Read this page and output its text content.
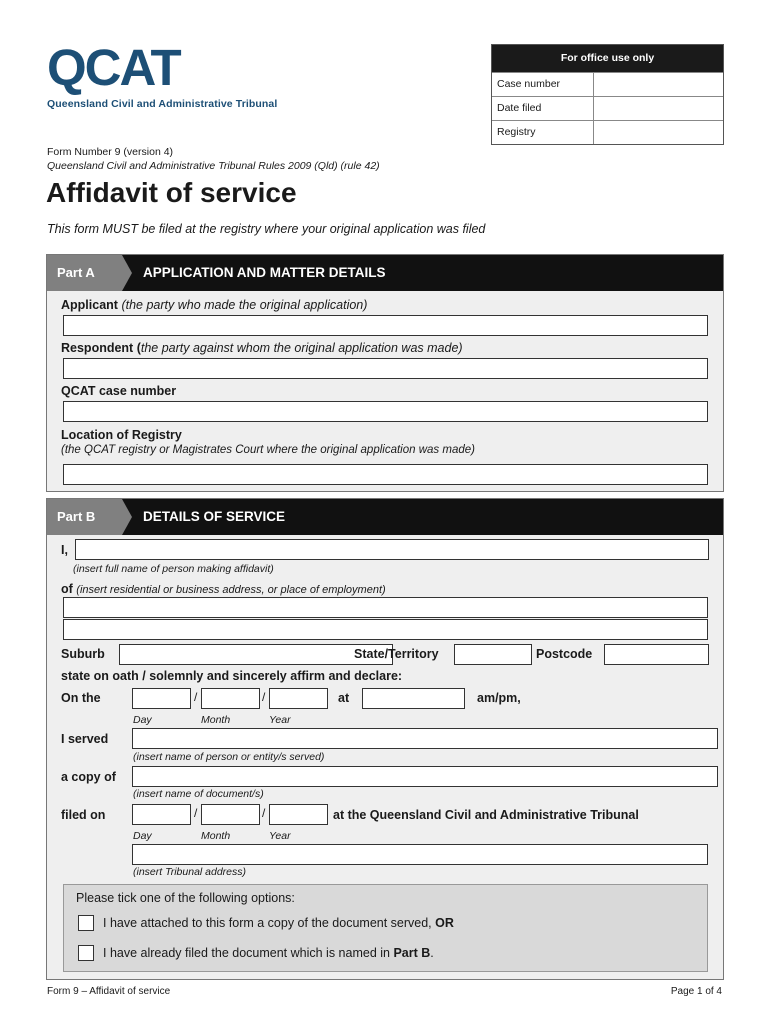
QCAT
Queensland Civil and Administrative Tribunal
For office use only
Case number
Date filed
Registry
Form Number 9 (version 4)
Queensland Civil and Administrative Tribunal Rules 2009 (Qld) (rule 42)
Affidavit of service
This form MUST be filed at the registry where your original application was filed
Part A	APPLICATION AND MATTER DETAILS
Applicant (the party who made the original application)
Respondent (the party against whom the original application was made)
QCAT case number
Location of Registry
(the QCAT registry or Magistrates Court where the original application was made)
Part B	DETAILS OF SERVICE
I,
(insert full name of person making affidavit)
of (insert residential or business address, or place of employment)
Suburb	State/Territory	Postcode
state on oath / solemnly and sincerely affirm and declare:
On the	/	/	at	am/pm,
Day	Month	Year
I served
(insert name of person or entity/s served)
a copy of
(insert name of document/s)
filed on	/	/	at the Queensland Civil and Administrative Tribunal
Day	Month	Year
(insert Tribunal address)
Please tick one of the following options:
I have attached to this form a copy of the document served, OR
I have already filed the document which is named in Part B.
Form 9 – Affidavit of service	Page 1 of 4
